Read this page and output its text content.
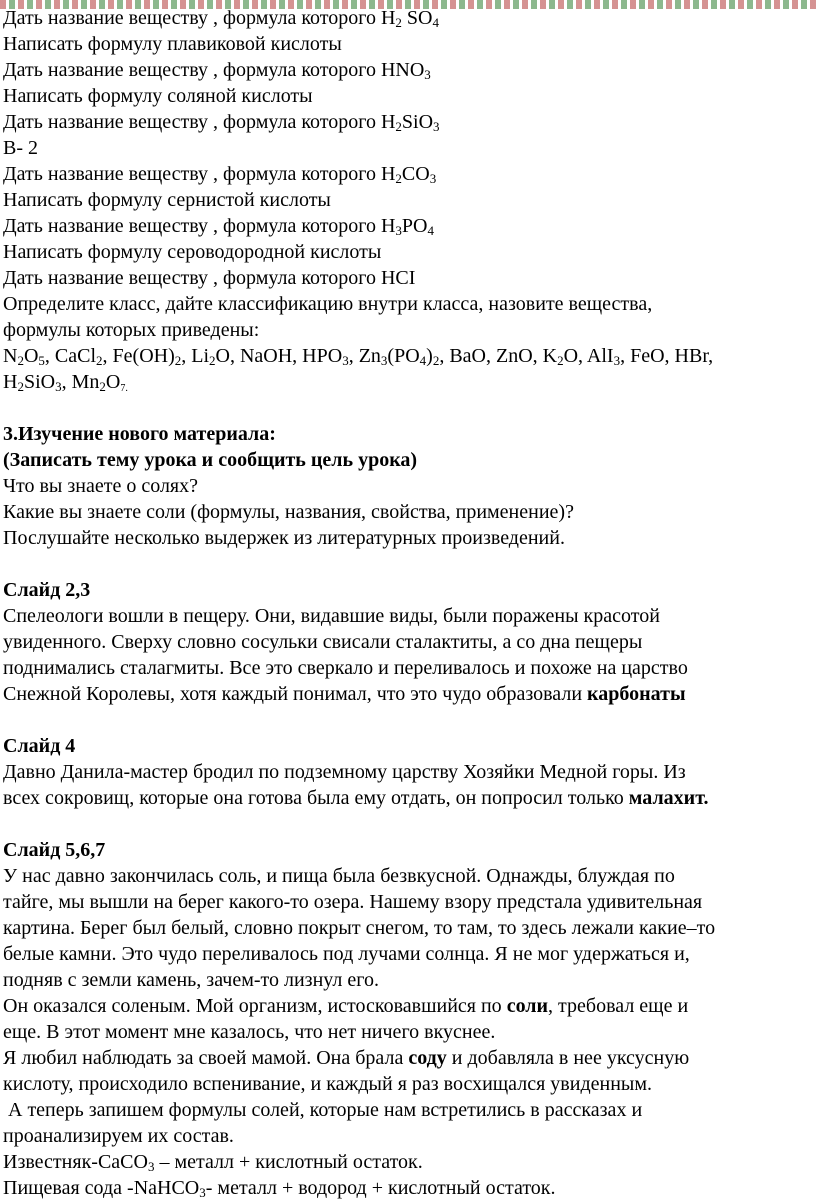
Дать название веществу , формула которого $H_2$ $SO_4$
Написать формулу плавиковой кислоты
Дать название веществу , формула которого $HNO_3$
Написать формулу соляной кислоты
Дать название веществу , формула которого $H_2SiO_3$
В- 2
Дать название веществу , формула которого $H_2CO_3$
Написать формулу сернистой кислоты
Дать название веществу , формула которого $H_3PO_4$
Написать формулу сероводородной кислоты
Дать название веществу , формула которого HCI
Определите класс, дайте классификацию внутри класса, назовите вещества,
формулы которых приведены:
$N_2O_5$, CaCl$_2$, $Fe(OH)_2$, $Li_2O$, NaOH, $HPO_3$, $Zn_3(PO_4)_2$, BaO, ZnO, $K_2O$, AlI$_3$, FeO, HBr,
$H_2SiO_3$, $Mn_2O_{7.}$
3.Изучение нового материала:
(Записать тему урока и сообщить цель урока)
Что вы знаете о солях?
Какие вы знаете соли (формулы, названия, свойства, применение)?
Послушайте несколько выдержек из литературных произведений.
Слайд 2,3
Спелеологи вошли в пещеру. Они, видавшие виды, были поражены красотой
увиденного. Сверху словно сосульки свисали сталактиты, а со дна пещеры
поднимались сталагмиты. Все это сверкало и переливалось и похоже на царство
Снежной Королевы, хотя каждый понимал, что это чудо образовали карбонаты
Слайд 4
Давно Данила-мастер бродил по подземному царству Хозяйки Медной горы. Из
всех сокровищ, которые она готова была ему отдать, он попросил только малахит.
Слайд 5,6,7
У нас давно закончилась соль, и пища была безвкусной. Однажды, блуждая по
тайге, мы вышли на берег какого-то озера. Нашему взору предстала удивительная
картина. Берег был белый, словно покрыт снегом, то там, то здесь лежали какие–то
белые камни. Это чудо переливалось под лучами солнца. Я не мог удержаться и,
подняв с земли камень, зачем-то лизнул его.
Он оказался соленым. Мой организм, истосковавшийся по соли, требовал еще и
еще. В этот момент мне казалось, что нет ничего вкуснее.
Я любил наблюдать за своей мамой. Она брала соду и добавляла в нее уксусную
кислоту, происходило вспенивание, и каждый я раз восхищался увиденным.
А теперь запишем формулы солей, которые нам встретились в рассказах и
проанализируем их состав.
Известняк-CaCO$_3$ – металл + кислотный остаток.
Пищевая сода -NaHCO$_3$- металл + водород + кислотный остаток.
